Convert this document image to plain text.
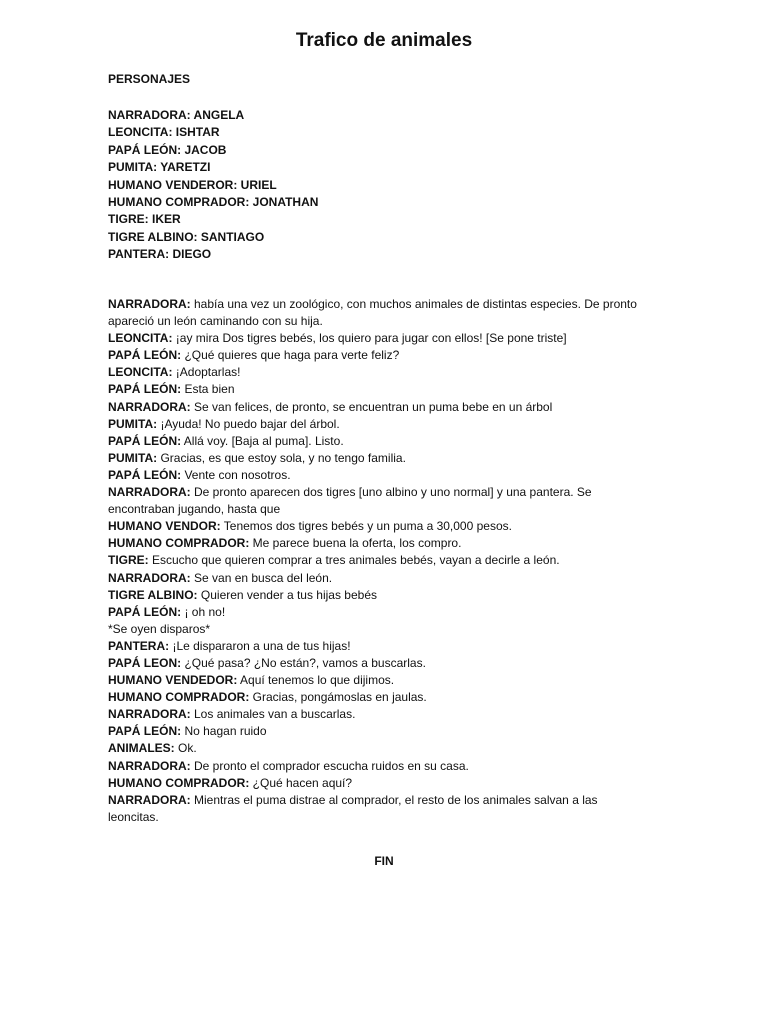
Trafico de animales
PERSONAJES
NARRADORA: ANGELA
LEONCITA: ISHTAR
PAPÁ LEÓN: JACOB
PUMITA: YARETZI
HUMANO VENDEROR: URIEL
HUMANO COMPRADOR: JONATHAN
TIGRE: IKER
TIGRE ALBINO: SANTIAGO
PANTERA: DIEGO

NARRADORA: había una vez un zoológico, con muchos animales de distintas especies. De pronto apareció un león caminando con su hija.

LEONCITA: ¡ay mira Dos tigres bebés, los quiero para jugar con ellos! [Se pone triste]

PAPÁ LEÓN: ¿Qué quieres que haga para verte feliz?

LEONCITA: ¡Adoptarlas!

PAPÁ LEÓN: Esta bien

NARRADORA: Se van felices, de pronto, se encuentran un puma bebe en un árbol

PUMITA: ¡Ayuda! No puedo bajar del árbol.

PAPÁ LEÓN: Allá voy. [Baja al puma]. Listo.

PUMITA: Gracias, es que estoy sola, y no tengo familia.

PAPÁ LEÓN: Vente con nosotros.

NARRADORA: De pronto aparecen dos tigres [uno albino y uno normal] y una pantera. Se encontraban jugando, hasta que

HUMANO VENDOR: Tenemos dos tigres bebés y un puma a 30,000 pesos.

HUMANO COMPRADOR: Me parece buena la oferta, los compro.

TIGRE: Escucho que quieren comprar a tres animales bebés, vayan a decirle a león.

NARRADORA: Se van en busca del león.

TIGRE ALBINO: Quieren vender a tus hijas bebés

PAPÁ LEÓN: ¡ oh no!

*Se oyen disparos*

PANTERA: ¡Le dispararon a una de tus hijas!

PAPÁ LEON: ¿Qué pasa? ¿No están?, vamos a buscarlas.

HUMANO VENDEDOR: Aquí tenemos lo que dijimos.

HUMANO COMPRADOR: Gracias, pongámoslas en jaulas.

NARRADORA: Los animales van a buscarlas.

PAPÁ LEÓN: No hagan ruido

ANIMALES: Ok.

NARRADORA: De pronto el comprador escucha ruidos en su casa.

HUMANO COMPRADOR: ¿Qué hacen aquí?

NARRADORA: Mientras el puma distrae al comprador, el resto de los animales salvan a las leoncitas.

FIN
